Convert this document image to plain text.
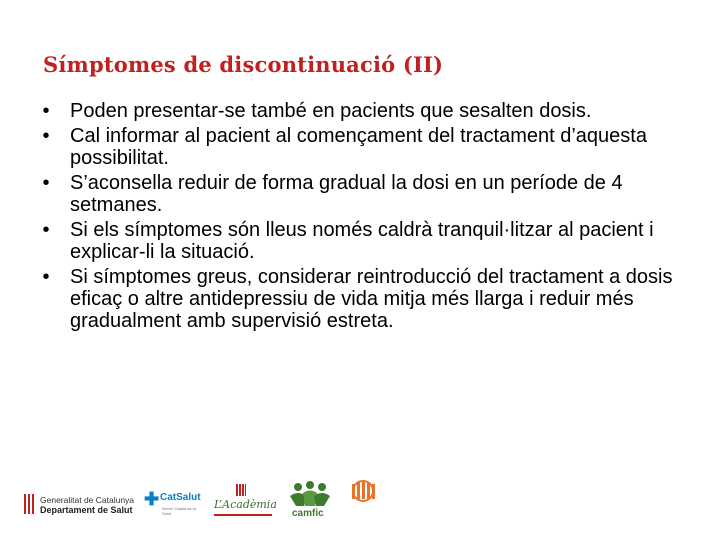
Símptomes de discontinuació (II)
•	Poden presentar-se també en pacients que sesalten dosis.
•	Cal informar al pacient al començament del tractament d’aquesta possibilitat.
•	S’aconsella reduir de forma gradual la dosi en un període de 4 setmanes.
•	Si els símptomes són lleus només caldrà tranquil·litzar al pacient i explicar-li la situació.
•	Si símptomes greus, considerar reintroducció del tractament a dosis eficaç o altre antidepressiu de vida mitja més llarga i reduir més gradualment amb supervisió estreta.
Generalitat de Catalunya
Departament de Salut
✚ CatSalut
Servei Català de la Salut
L’Acadèmia
camfic
